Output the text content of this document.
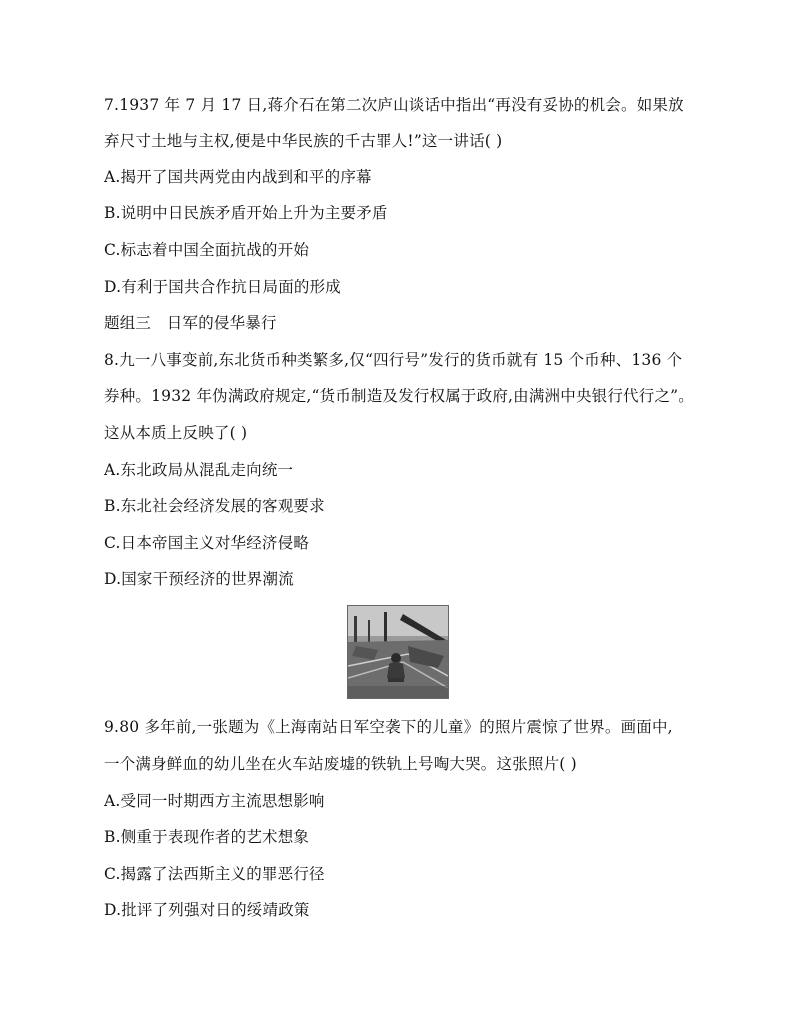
7.1937 年 7 月 17 日,蒋介石在第二次庐山谈话中指出“再没有妥协的机会。如果放
弃尺寸土地与主权,便是中华民族的千古罪人!”这一讲话( )
A.揭开了国共两党由内战到和平的序幕
B.说明中日民族矛盾开始上升为主要矛盾
C.标志着中国全面抗战的开始
D.有利于国共合作抗日局面的形成
题组三　日军的侵华暴行
8.九一八事变前,东北货币种类繁多,仅“四行号”发行的货币就有 15 个币种、136 个
券种。1932 年伪满政府规定,“货币制造及发行权属于政府,由满洲中央银行代行之”。
这从本质上反映了( )
A.东北政局从混乱走向统一
B.东北社会经济发展的客观要求
C.日本帝国主义对华经济侵略
D.国家干预经济的世界潮流
9.80 多年前,一张题为《上海南站日军空袭下的儿童》的照片震惊了世界。画面中,
一个满身鲜血的幼儿坐在火车站废墟的铁轨上号啕大哭。这张照片( )
A.受同一时期西方主流思想影响
B.侧重于表现作者的艺术想象
C.揭露了法西斯主义的罪恶行径
D.批评了列强对日的绥靖政策
